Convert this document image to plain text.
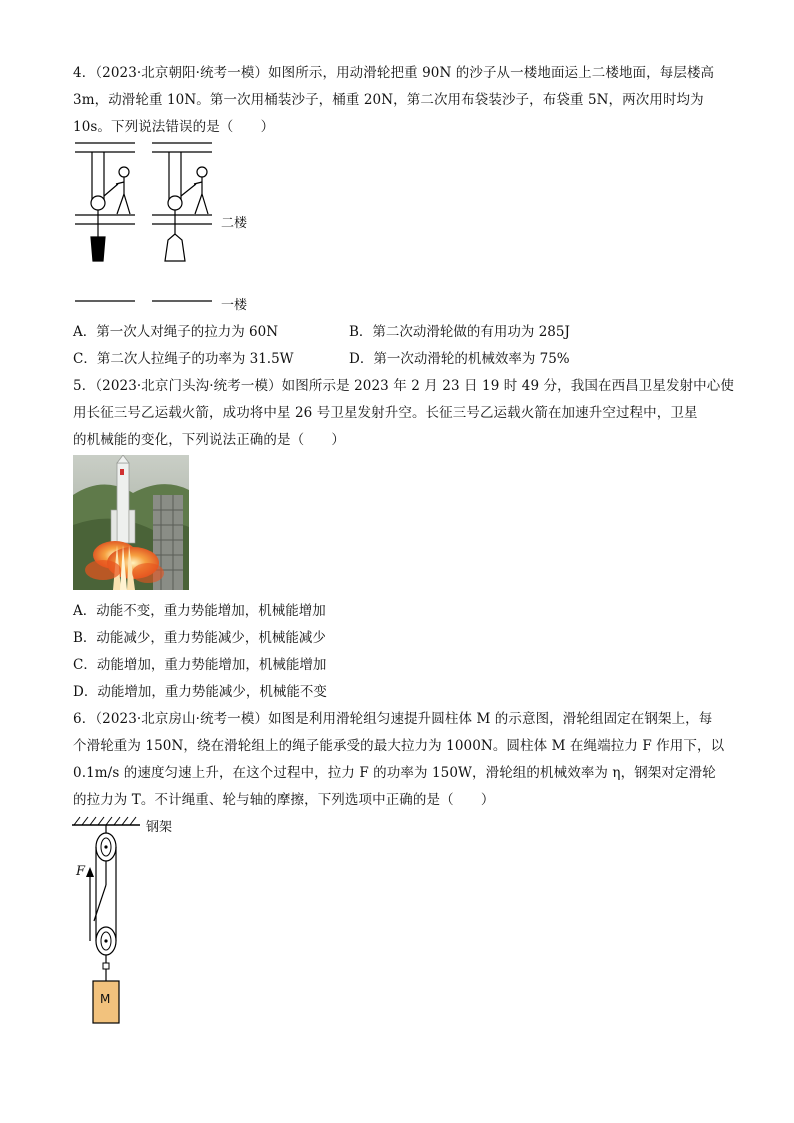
4．（2023·北京朝阳·统考一模）如图所示，用动滑轮把重 90N 的沙子从一楼地面运上二楼地面，每层楼高
3m，动滑轮重 10N。第一次用桶装沙子，桶重 20N，第二次用布袋装沙子，布袋重 5N，两次用时均为
10s。下列说法错误的是（　　）
二楼
一楼
A．第一次人对绳子的拉力为 60N	B．第二次动滑轮做的有用功为 285J
C．第二次人拉绳子的功率为 31.5W	D．第一次动滑轮的机械效率为 75%
5．（2023·北京门头沟·统考一模）如图所示是 2023 年 2 月 23 日 19 时 49 分，我国在西昌卫星发射中心使
用长征三号乙运载火箭，成功将中星 26 号卫星发射升空。长征三号乙运载火箭在加速升空过程中，卫星
的机械能的变化，下列说法正确的是（　　）
A．动能不变，重力势能增加，机械能增加
B．动能减少，重力势能减少，机械能减少
C．动能增加，重力势能增加，机械能增加
D．动能增加，重力势能减少，机械能不变
6．（2023·北京房山·统考一模）如图是利用滑轮组匀速提升圆柱体 M 的示意图，滑轮组固定在钢架上，每
个滑轮重为 150N，绕在滑轮组上的绳子能承受的最大拉力为 1000N。圆柱体 M 在绳端拉力 F 作用下，以
0.1m/s 的速度匀速上升，在这个过程中，拉力 F 的功率为 150W，滑轮组的机械效率为 η，钢架对定滑轮
的拉力为 T。不计绳重、轮与轴的摩擦，下列选项中正确的是（　　）
钢架
F
M
